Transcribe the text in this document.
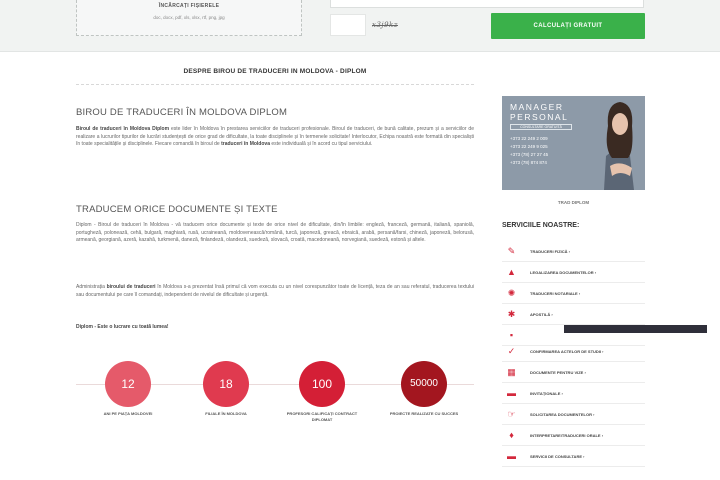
ÎNCĂRCAȚI FIȘIERELE
doc, docx, pdf, xls, xlsx, rtf, png, jpg
x3j9kz	CALCULAȚI GRATUIT
DESPRE BIROU DE TRADUCERI IN MOLDOVA - DIPLOM
BIROU DE TRADUCERI ÎN MOLDOVA DIPLOM
Biroul de traduceri în Moldova Diplom este lider în Moldova în prestarea serviciilor de traduceri profesionale. Biroul de traduceri, de bună calitate, prezum și a serviciilor de realizare a lucrurilor tipurilor de lucrări studențești de orice grad de dificultate, la toate disciplinele și în termenele solicitate! Interlocutor, Echipa noastră este formată din specialiști în toate specialitățile și disciplinele. Fiecare comandă în biroul de traduceri în Moldova este individuală și în acord cu tipul serviciului.
TRADUCEM ORICE DOCUMENTE ȘI TEXTE
Diplom - Biroul de traduceri în Moldova - vă traducem orice documente și texte de orice nivel de dificultate, din/în limbile: engleză, franceză, germană, italiană, spaniolă, portugheză, polonează, cehă, bulgară, maghiară, rusă, ucraineană, moldovenească/română, turcă, japoneză, greacă, ebraică, arabă, persană/farsi, chineză, japoneză, belorusă, armeană, georgiană, azeră, kazahă, turkmenă, daneză, finlandeză, olandeză, suedeză, slovacă, croată, macedoneană, norvegiană, suedeză, estonă și altele.
Administrația biroului de traduceri în Moldova s-a prezentat însă primul că vom executa cu un nivel corespunzător toate de licență, teza de an sau referatul, traducerea textului sau documentului pe care îl comandați, independent de nivelul de dificultate și urgență.
Diplom - Este o lucrare cu toată lumea!
12
ANI PE PIAȚA MOLDOVEI
18
FILIALE ÎN MOLDOVA
100
PROFESORI CALIFICAȚI CONTRACT DIPLOMAT
50000
PROIECTE REALIZATE CU SUCCES
MANAGER
PERSONAL
CONSULTARE GRATUITĂ
+373 22 249 2 009
+373 22 249 9 025
+373 (78) 27 27 45
+373 (78) 874 874
TRAD DIPLOM
SERVICIILE NOASTRE:
✎	TRADUCERI FIZICĂ ›
▲	LEGALIZAREA DOCUMENTELOR ›
✺	TRADUCERI NOTARIALE ›
✱	APOSTILĂ ›
▪
✓	CONFIRMAREA ACTELOR DE STUDII ›
▦	DOCUMENTE PENTRU VIZE ›
▬	INVITAȚIONALE ›
☞	SOLICITAREA DOCUMENTELOR ›
♦	INTERPRETARE/TRADUCERI ORALE ›
▬	SERVICII DE CONSULTARE ›
